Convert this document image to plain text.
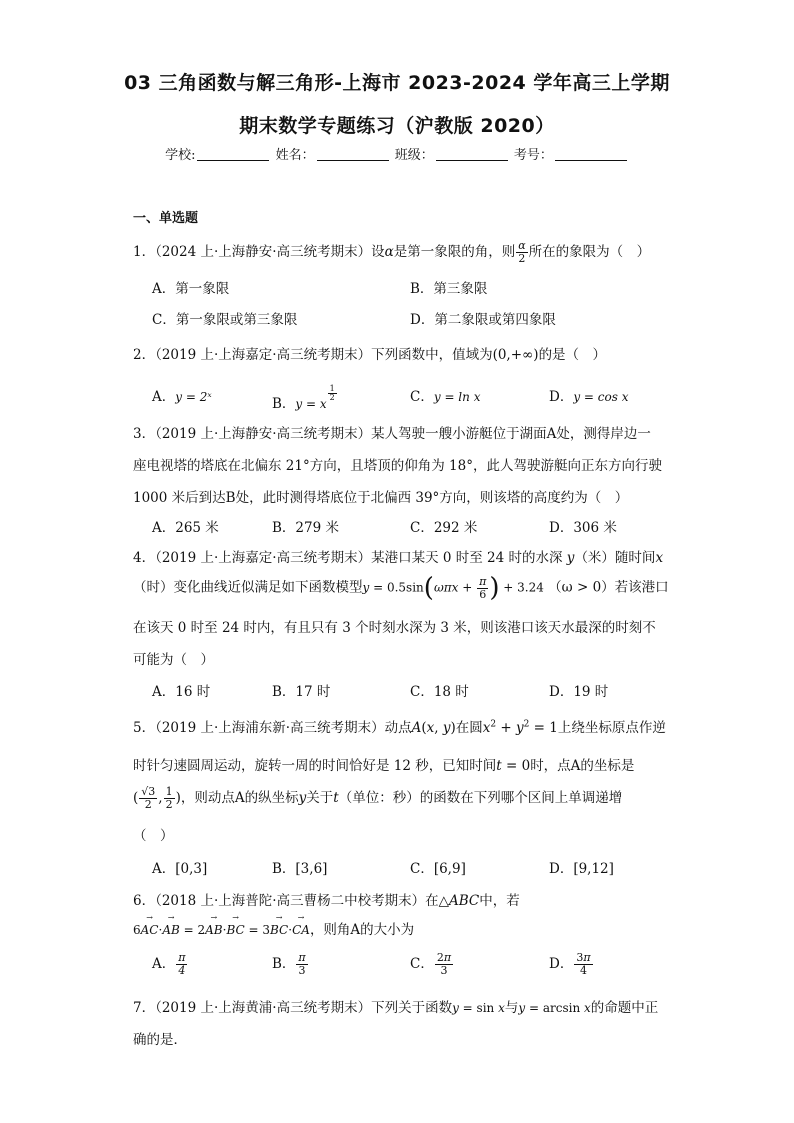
03 三角函数与解三角形-上海市 2023-2024 学年高三上学期
期末数学专题练习（沪教版 2020）
学校:	姓名：	班级：	考号：
一、单选题
1．（2024 上·上海静安·高三统考期末）设α是第一象限的角，则 $\frac{\alpha}{2}$ 所在的象限为（　）
A．第一象限	B．第三象限
C．第一象限或第三象限	D．第二象限或第四象限
2．（2019 上·上海嘉定·高三统考期末）下列函数中，值域为(0,+∞)的是（　）
A．y = 2ˣ	B．y = x
$\frac{1}{2}$	C．y = ln x	D．y = cos x
3．（2019 上·上海静安·高三统考期末）某人驾驶一艘小游艇位于湖面A处，测得岸边一
座电视塔的塔底在北偏东 21°方向，且塔顶的仰角为 18°，此人驾驶游艇向正东方向行驶
1000 米后到达B处，此时测得塔底位于北偏西 39°方向，则该塔的高度约为（　）
A．265 米	B．279 米	C．292 米	D．306 米
4．（2019 上·上海嘉定·高三统考期末）某港口某天 0 时至 24 时的水深 y（米）随时间x
（时）变化曲线近似满足如下函数模型$y = 0.5\sin(\omega\pi x + \frac{\pi}{6}$ ) + 3.24 （ω > 0）若该港口
在该天 0 时至 24 时内，有且只有 3 个时刻水深为 3 米，则该港口该天水最深的时刻不
可能为（　）
A．16 时	B．17 时	C．18 时	D．19 时
5．（2019 上·上海浦东新·高三统考期末）动点A(x, y)在圆$x^2 + y^2 = 1$上绕坐标原点作逆
时针匀速圆周运动，旋转一周的时间恰好是 12 秒，已知时间t = 0时，点A的坐标是
( $\frac{√3}{2}$ , $\frac{1}{2}$ )，则动点A的纵坐标y关于t（单位：秒）的函数在下列哪个区间上单调递增
（　）
A．[0,3]	B．[3,6]	C．[6,9]	D．[9,12]
6．（2018 上·上海普陀·高三曹杨二中校考期末）在△ABC中，若
6→ AC·→ AB = 2→ AB·→ BC = 3→ BC·→ CA，则角A的大小为
A． $\frac{\pi}{4}$	B． $\frac{\pi}{3}$	C． $\frac{2\pi}{3}$	D． $\frac{3\pi}{4}$
7．（2019 上·上海黄浦·高三统考期末）下列关于函数y = sin x与y = arcsin x的命题中正
确的是．
